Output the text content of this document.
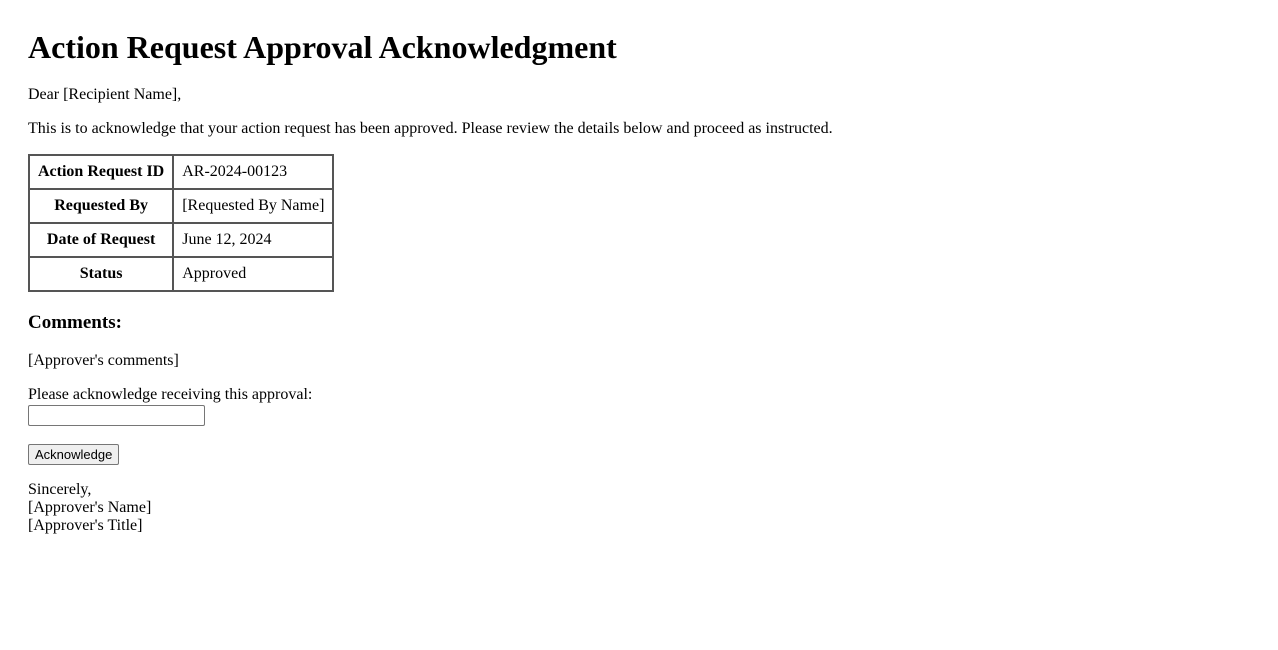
Action Request Approval Acknowledgment

Dear [Recipient Name],

This is to acknowledge that your action request has been approved. Please review the details below and proceed as instructed.

Action Request ID	AR-2024-00123
Requested By	[Requested By Name]
Date of Request	June 12, 2024
Status	Approved
Comments:

[Approver's comments]

Please acknowledge receiving this approval:
Acknowledge
Sincerely,
[Approver's Name]
[Approver's Title]
